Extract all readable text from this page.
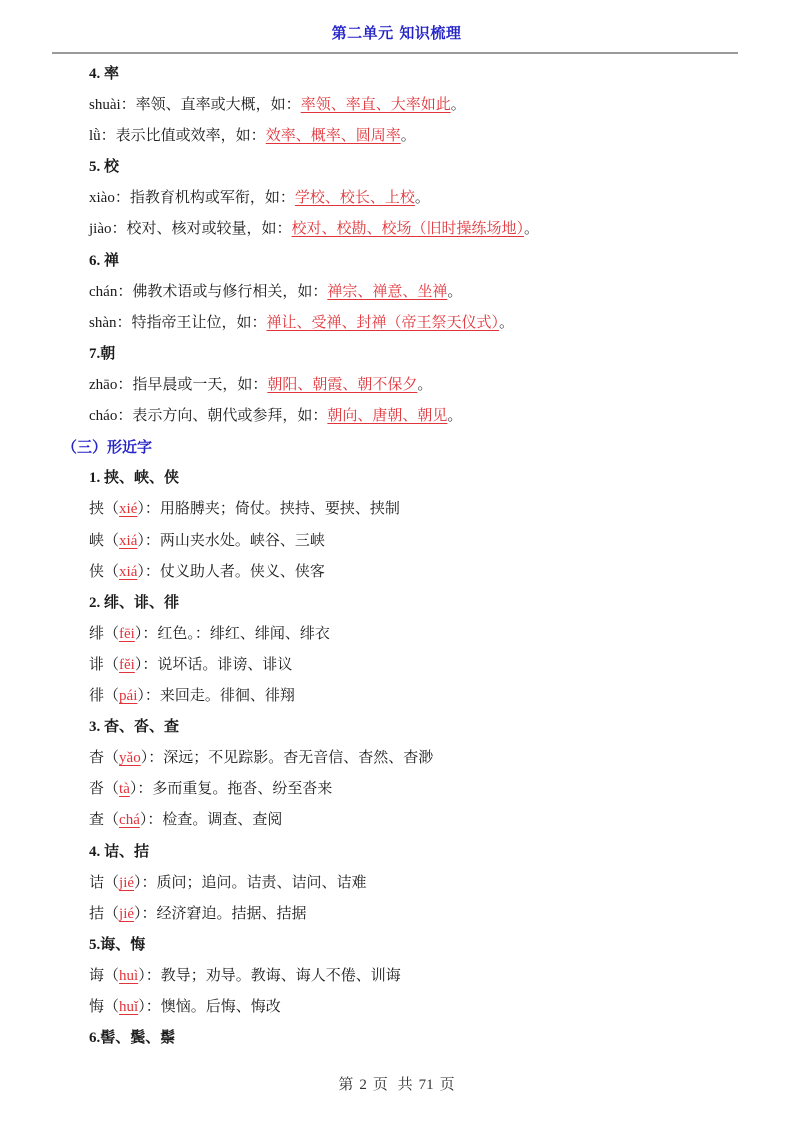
第二单元 知识梳理
4. 率
shuài：率领、直率或大概，如：率领、率直、大率如此。
lǜ：表示比值或效率，如：效率、概率、圆周率。
5. 校
xiào：指教育机构或军衔，如：学校、校长、上校。
jiào：校对、核对或较量，如：校对、校勘、校场（旧时操练场地）。
6. 禅
chán：佛教术语或与修行相关，如：禅宗、禅意、坐禅。
shàn：特指帝王让位，如：禅让、受禅、封禅（帝王祭天仪式）。
7.朝
zhāo：指早晨或一天，如：朝阳、朝霞、朝不保夕。
cháo：表示方向、朝代或参拜，如：朝向、唐朝、朝见。
（三）形近字
1. 挟、峡、侠
挟（xié）：用胳膊夹；倚仗。挟持、要挟、挟制
峡（xiá）：两山夹水处。峡谷、三峡
侠（xiá）：仗义助人者。侠义、侠客
2. 绯、诽、徘
绯（fēi）：红色。：绯红、绯闻、绯衣
诽（fěi）：说坏话。诽谤、诽议
徘（pái）：来回走。徘徊、徘翔
3. 杳、沓、查
杳（yǎo）：深远；不见踪影。杳无音信、杳然、杳渺
沓（tà）：多而重复。拖沓、纷至沓来
查（chá）：检查。调查、查阅
4. 诘、拮
诘（jié）：质问；追问。诘责、诘问、诘难
拮（jié）：经济窘迫。拮据、拮据
5.诲、悔
诲（huì）：教导；劝导。教诲、诲人不倦、训诲
悔（huǐ）：懊恼。后悔、悔改
6.髻、鬓、鬃
第 2 页 共 71 页
